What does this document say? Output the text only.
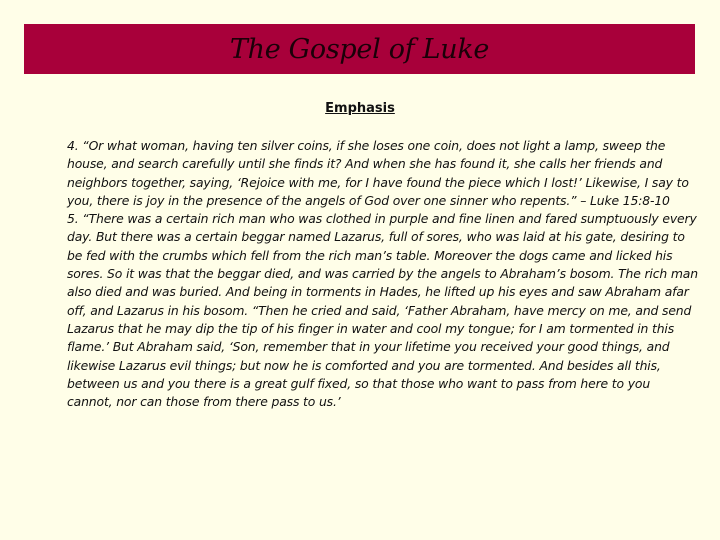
The Gospel of Luke
Emphasis

4. “Or what woman, having ten silver coins, if she loses one coin, does not light a lamp, sweep the house, and search carefully until she finds it? And when she has found it, she calls her friends and neighbors together, saying, ‘Rejoice with me, for I have found the piece which I lost!’ Likewise, I say to you, there is joy in the presence of the angels of God over one sinner who repents.” – Luke 15:8-10

5. “There was a certain rich man who was clothed in purple and fine linen and fared sumptuously every day. But there was a certain beggar named Lazarus, full of sores, who was laid at his gate, desiring to be fed with the crumbs which fell from the rich man’s table. Moreover the dogs came and licked his sores. So it was that the beggar died, and was carried by the angels to Abraham’s bosom. The rich man also died and was buried. And being in torments in Hades, he lifted up his eyes and saw Abraham afar off, and Lazarus in his bosom. “Then he cried and said, ‘Father Abraham, have mercy on me, and send Lazarus that he may dip the tip of his finger in water and cool my tongue; for I am tormented in this flame.’ But Abraham said, ‘Son, remember that in your lifetime you received your good things, and likewise Lazarus evil things; but now he is comforted and you are tormented. And besides all this, between us and you there is a great gulf fixed, so that those who want to pass from here to you cannot, nor can those from there pass to us.’
